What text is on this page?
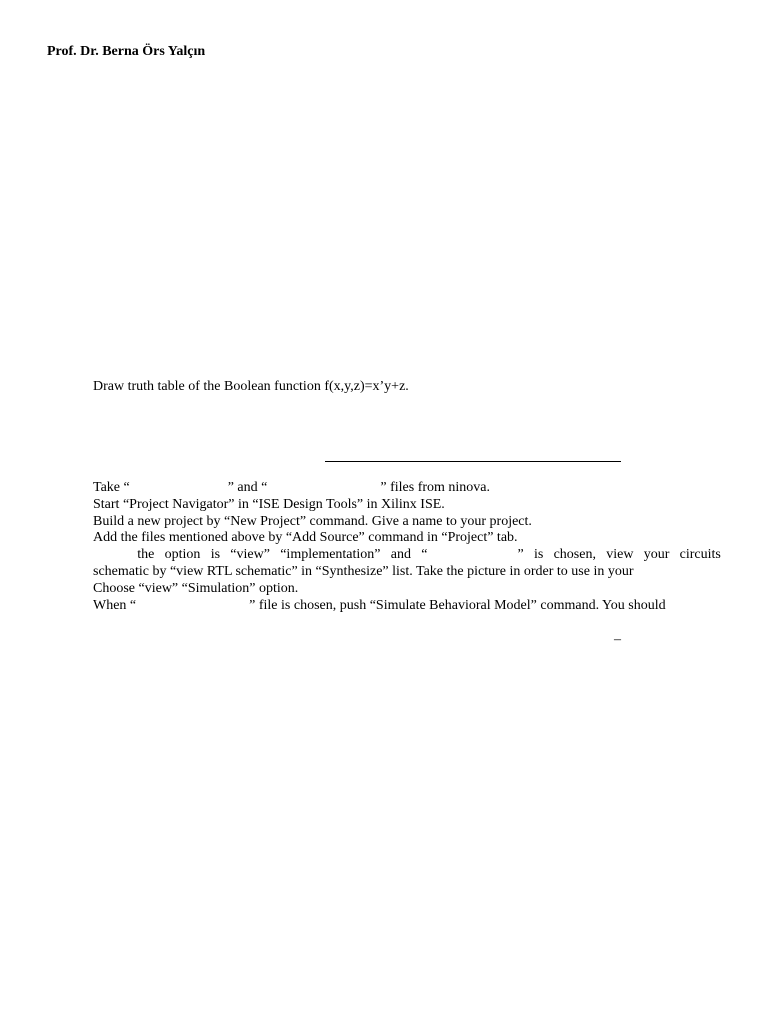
Prof. Dr. Berna Örs Yalçın
Draw truth table of the Boolean function f(x,y,z)=x’y+z.
Take “	” and “	” files from ninova.
Start “Project Navigator” in “ISE Design Tools” in Xilinx ISE.
Build a new project by “New Project” command. Give a name to your project.
Add the files mentioned above by “Add Source” command in “Project” tab.
the option is “view” “implementation” and “	” is chosen, view your circuits
schematic by “view RTL schematic” in “Synthesize” list. Take the picture in order to use in your
Choose “view” “Simulation” option.
When “	” file is chosen, push “Simulate Behavioral Model” command. You should
–
